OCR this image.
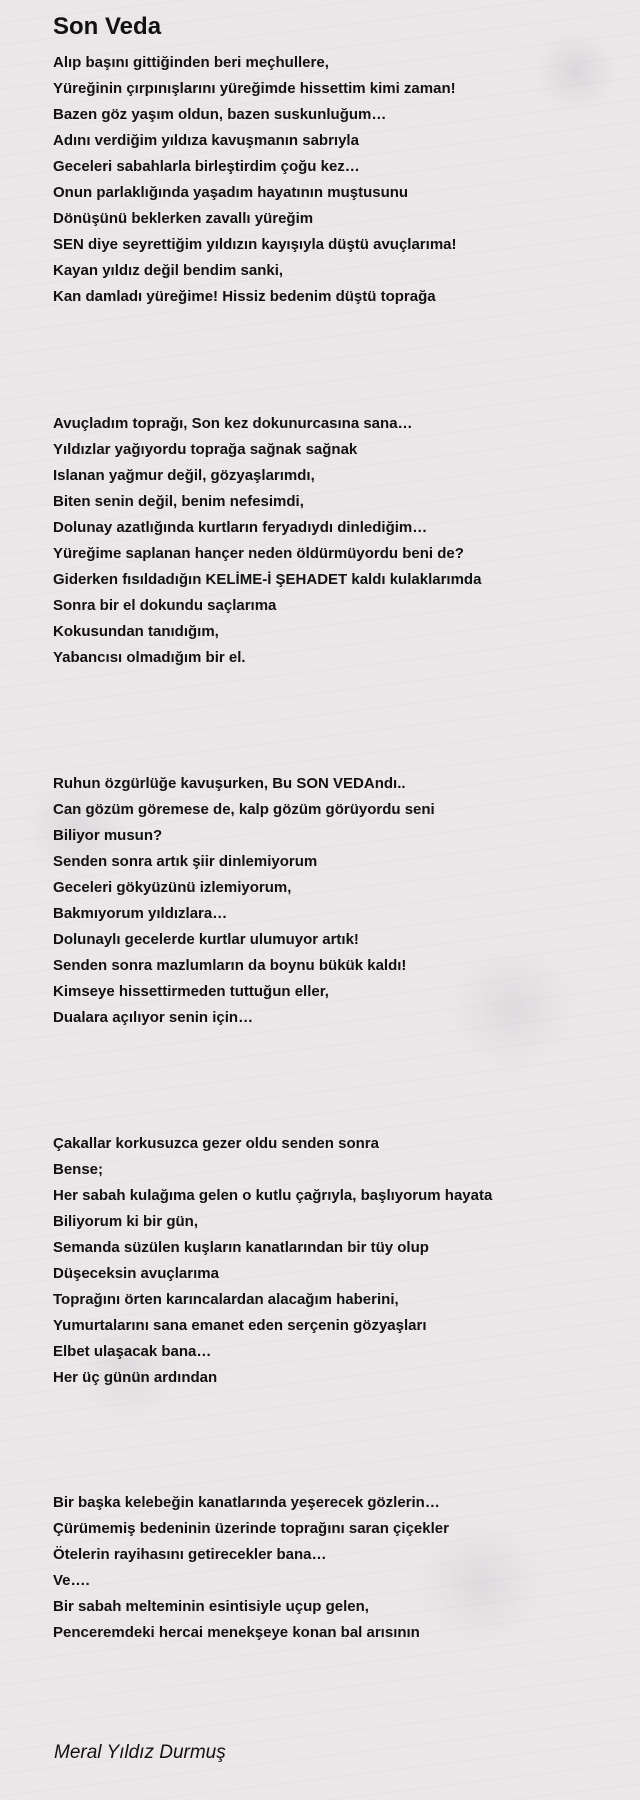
Son Veda
Alıp başını gittiğinden beri meçhullere,
Yüreğinin çırpınışlarını yüreğimde hissettim kimi zaman!
Bazen göz yaşım oldun, bazen suskunluğum…
Adını verdiğim yıldıza kavuşmanın sabrıyla
Geceleri sabahlarla birleştirdim çoğu kez…
Onun parlaklığında yaşadım hayatının muştusunu
Dönüşünü beklerken zavallı yüreğim
SEN diye seyrettiğim yıldızın kayışıyla düştü avuçlarıma!
Kayan yıldız değil bendim sanki,
Kan damladı yüreğime! Hissiz bedenim düştü toprağa
Avuçladım toprağı, Son kez dokunurcasına sana…
Yıldızlar yağıyordu toprağa sağnak sağnak
Islanan yağmur değil, gözyaşlarımdı,
Biten senin değil, benim nefesimdi,
Dolunay azatlığında kurtların feryadıydı dinlediğim…
Yüreğime saplanan hançer neden öldürmüyordu beni de?
Giderken fısıldadığın KELİME-İ ŞEHADET kaldı kulaklarımda
Sonra bir el dokundu saçlarıma
Kokusundan tanıdığım,
Yabancısı olmadığım bir el.
Ruhun özgürlüğe kavuşurken, Bu SON VEDAndı..
Can gözüm göremese de, kalp gözüm görüyordu seni
Biliyor musun?
Senden sonra artık şiir dinlemiyorum
Geceleri gökyüzünü izlemiyorum,
Bakmıyorum yıldızlara…
Dolunaylı gecelerde kurtlar ulumuyor artık!
Senden sonra mazlumların da boynu bükük kaldı!
Kimseye hissettirmeden tuttuğun eller,
Dualara açılıyor senin için…
Çakallar korkusuzca gezer oldu senden sonra
Bense;
Her sabah kulağıma gelen o kutlu çağrıyla, başlıyorum hayata
Biliyorum ki bir gün,
Semanda süzülen kuşların kanatlarından bir tüy olup
Düşeceksin avuçlarıma
Toprağını örten karıncalardan alacağım haberini,
Yumurtalarını sana emanet eden serçenin gözyaşları
Elbet ulaşacak bana…
Her üç günün ardından
Bir başka kelebeğin kanatlarında yeşerecek gözlerin…
Çürümemiş bedeninin üzerinde toprağını saran çiçekler
Ötelerin rayihasını getirecekler bana…
Ve….
Bir sabah melteminin esintisiyle uçup gelen,
Penceremdeki hercai menekşeye konan bal arısının

Meral Yıldız Durmuş
